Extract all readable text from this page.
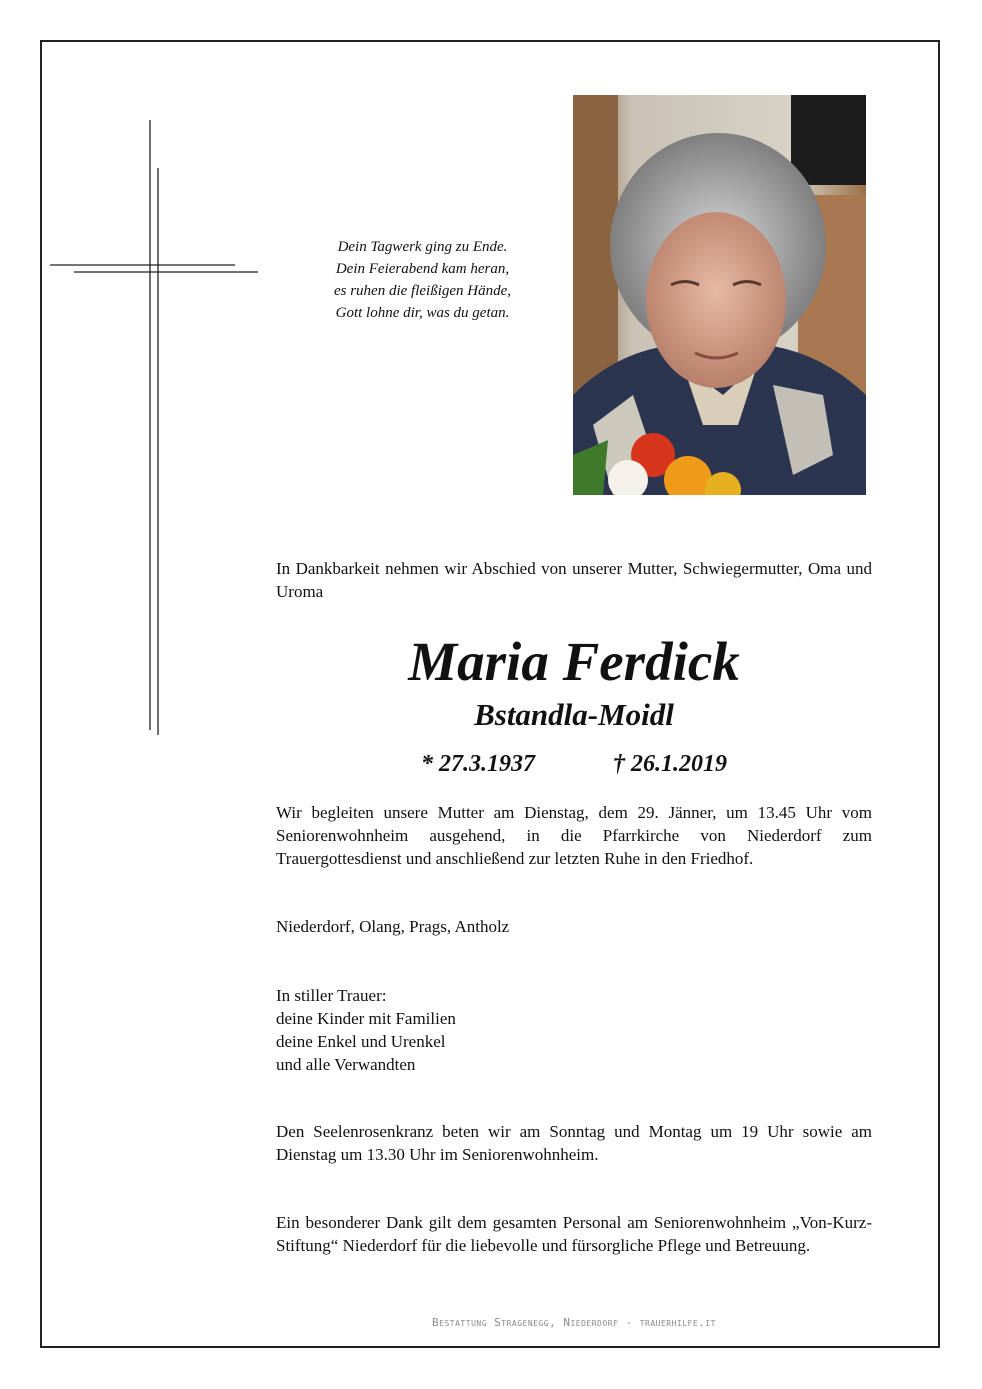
Dein Tagwerk ging zu Ende.
Dein Feierabend kam heran,
es ruhen die fleißigen Hände,
Gott lohne dir, was du getan.
In Dankbarkeit nehmen wir Abschied von unserer Mutter, Schwiegermutter, Oma und Uroma
Maria Ferdick
Bstandla-Moidl
* 27.3.1937	† 26.1.2019
Wir begleiten unsere Mutter am Dienstag, dem 29. Jänner, um 13.45 Uhr vom Seniorenwohnheim ausgehend, in die Pfarrkirche von Niederdorf zum Trauergottesdienst und anschließend zur letzten Ruhe in den Friedhof.
Niederdorf, Olang, Prags, Antholz
In stiller Trauer:
deine Kinder mit Familien
deine Enkel und Urenkel
und alle Verwandten
Den Seelenrosenkranz beten wir am Sonntag und Montag um 19 Uhr sowie am Dienstag um 13.30 Uhr im Seniorenwohnheim.
Ein besonderer Dank gilt dem gesamten Personal am Seniorenwohnheim „Von-Kurz-Stiftung“ Niederdorf für die liebevolle und fürsorgliche Pflege und Betreuung.
Bestattung Stragenegg, Niederdorf - trauerhilfe.it
